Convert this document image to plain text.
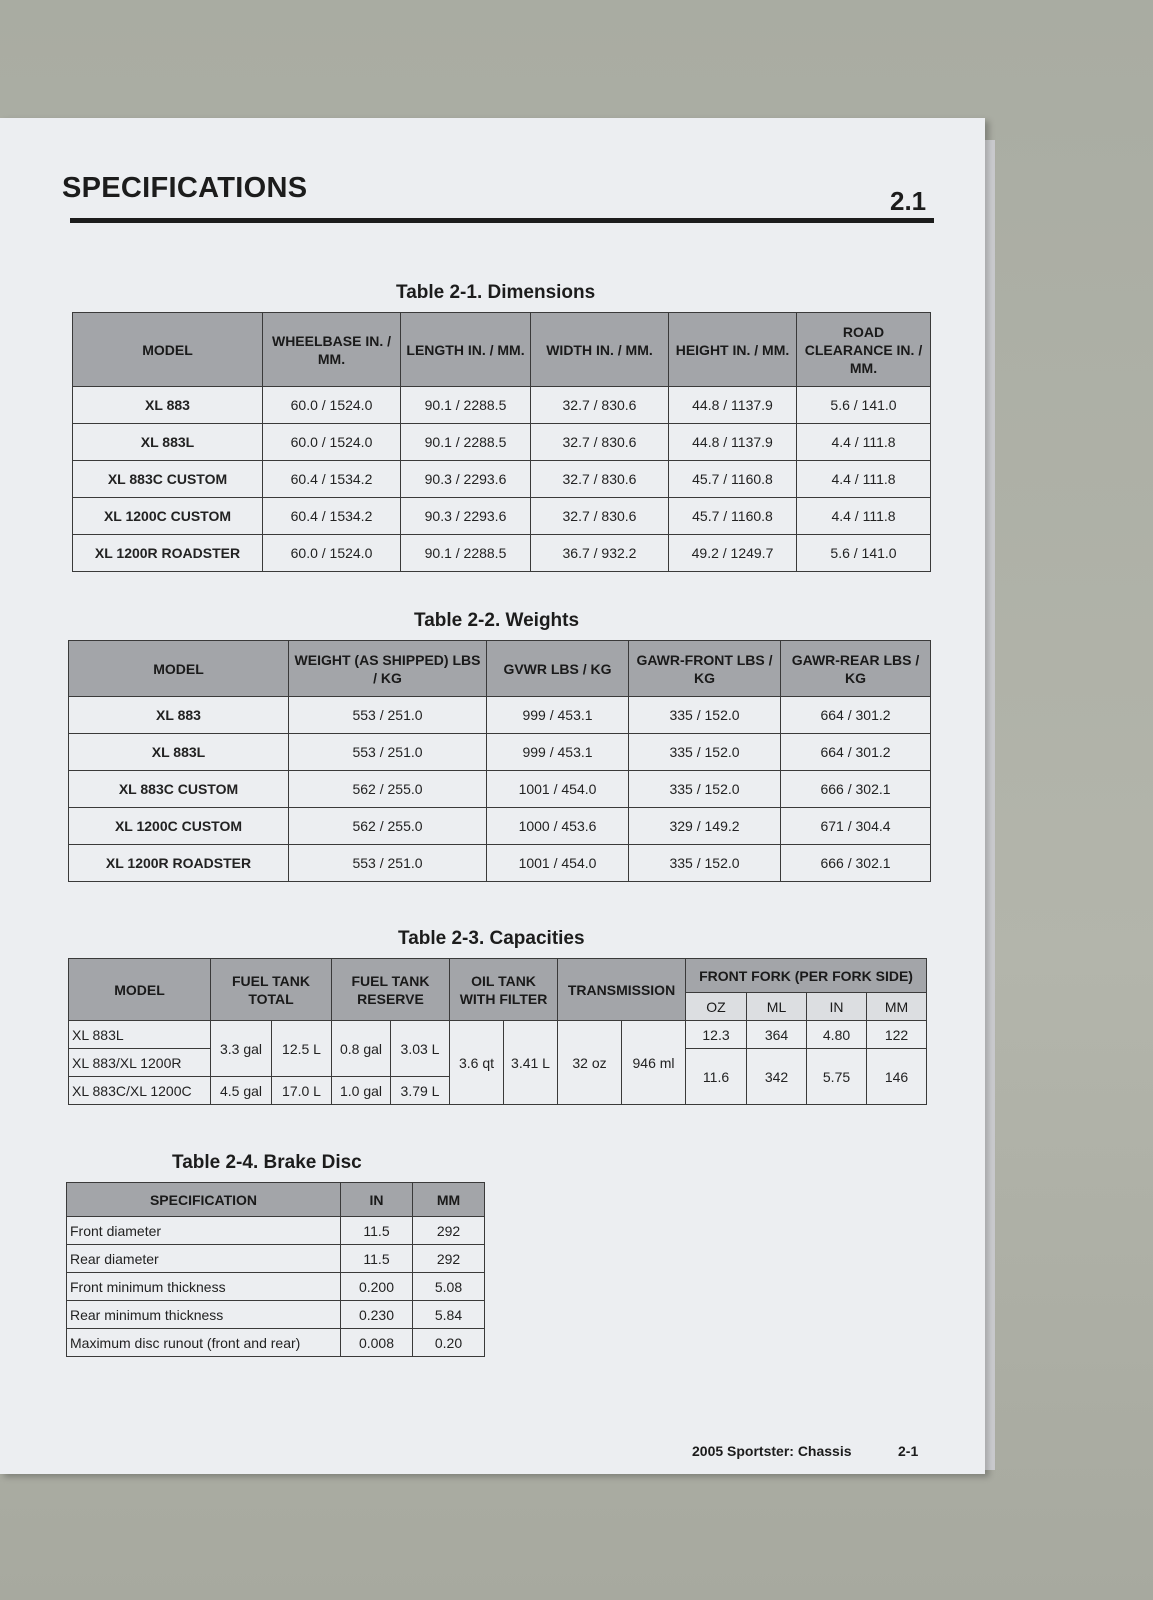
SPECIFICATIONS	2.1
Table 2-1. Dimensions
MODEL	WHEELBASE IN. / MM.	LENGTH IN. / MM.	WIDTH IN. / MM.	HEIGHT IN. / MM.	ROAD CLEARANCE IN. / MM.
XL 883	60.0 / 1524.0	90.1 / 2288.5	32.7 / 830.6	44.8 / 1137.9	5.6 / 141.0
XL 883L	60.0 / 1524.0	90.1 / 2288.5	32.7 / 830.6	44.8 / 1137.9	4.4 / 111.8
XL 883C CUSTOM	60.4 / 1534.2	90.3 / 2293.6	32.7 / 830.6	45.7 / 1160.8	4.4 / 111.8
XL 1200C CUSTOM	60.4 / 1534.2	90.3 / 2293.6	32.7 / 830.6	45.7 / 1160.8	4.4 / 111.8
XL 1200R ROADSTER	60.0 / 1524.0	90.1 / 2288.5	36.7 / 932.2	49.2 / 1249.7	5.6 / 141.0
Table 2-2. Weights
MODEL	WEIGHT (AS SHIPPED) LBS / KG	GVWR LBS / KG	GAWR-FRONT LBS / KG	GAWR-REAR LBS / KG
XL 883	553 / 251.0	999 / 453.1	335 / 152.0	664 / 301.2
XL 883L	553 / 251.0	999 / 453.1	335 / 152.0	664 / 301.2
XL 883C CUSTOM	562 / 255.0	1001 / 454.0	335 / 152.0	666 / 302.1
XL 1200C CUSTOM	562 / 255.0	1000 / 453.6	329 / 149.2	671 / 304.4
XL 1200R ROADSTER	553 / 251.0	1001 / 454.0	335 / 152.0	666 / 302.1
Table 2-3. Capacities
MODEL	FUEL TANK TOTAL		FUEL TANK RESERVE		OIL TANK WITH FILTER		TRANSMISSION		FRONT FORK (PER FORK SIDE)			
									OZ	ML	IN	MM
XL 883L	3.3 gal	12.5 L	0.8 gal	3.03 L	3.6 qt	3.41 L	32 oz	946 ml	12.3	364	4.80	122
XL 883/XL 1200R									11.6	342	5.75	146
XL 883C/XL 1200C	4.5 gal	17.0 L	1.0 gal	3.79 L								
Table 2-4. Brake Disc
SPECIFICATION	IN	MM
Front diameter	11.5	292
Rear diameter	11.5	292
Front minimum thickness	0.200	5.08
Rear minimum thickness	0.230	5.84
Maximum disc runout (front and rear)	0.008	0.20
2005 Sportster: Chassis	2-1
